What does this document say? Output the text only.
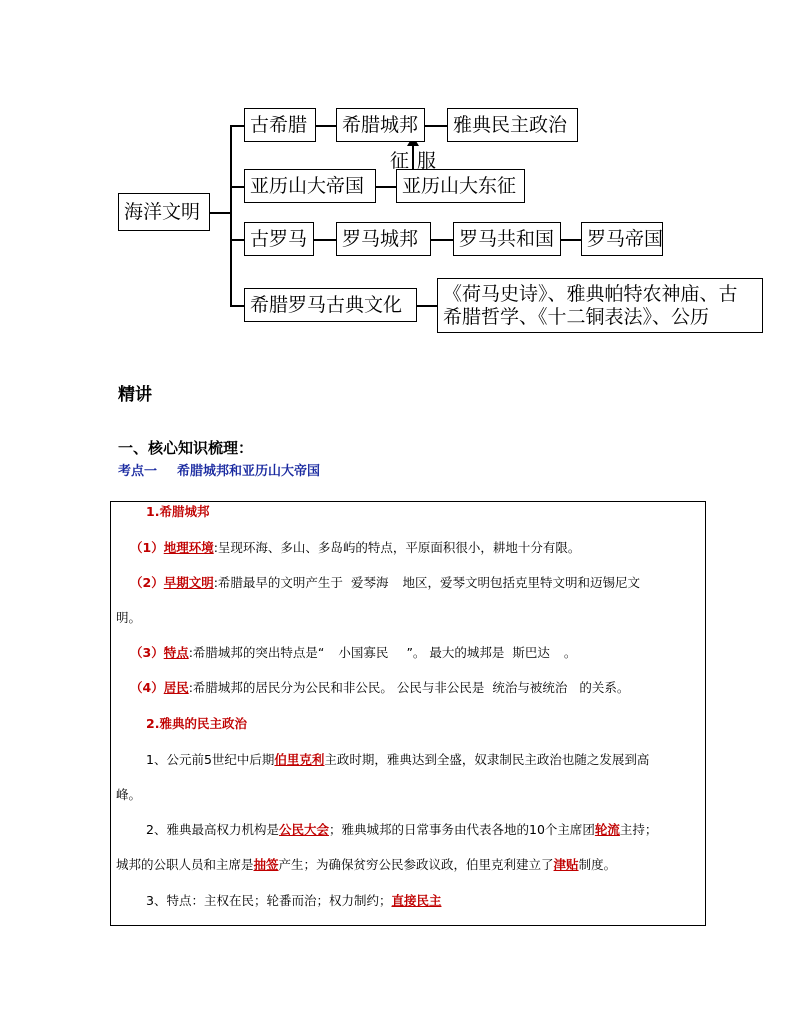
海洋文明
古希腊	希腊城邦	雅典民主政治
亚历山大帝国	亚历山大东征
古罗马	罗马城邦	罗马共和国	罗马帝国
希腊罗马古典文化	《荷马史诗》、雅典帕特农神庙、古
希腊哲学、《十二铜表法》、公历
征 服
精讲
一、核心知识梳理：
考点一 希腊城邦和亚历山大帝国
1.希腊城邦
（1）地理环境:呈现环海、多山、多岛屿的特点，平原面积很小，耕地十分有限。
（2）早期文明:希腊最早的文明产生于 爱琴海 地区，爱琴文明包括克里特文明和迈锡尼文
明。
（3）特点:希腊城邦的突出特点是“ 小国寡民 ”。 最大的城邦是 斯巴达 。
（4）居民:希腊城邦的居民分为公民和非公民。 公民与非公民是 统治与被统治 的关系。
2.雅典的民主政治
1、公元前5世纪中后期伯里克利主政时期，雅典达到全盛，奴隶制民主政治也随之发展到高
峰。
2、雅典最高权力机构是公民大会；雅典城邦的日常事务由代表各地的10个主席团轮流主持；
城邦的公职人员和主席是抽签产生；为确保贫穷公民参政议政，伯里克利建立了津贴制度。
3、特点：主权在民；轮番而治；权力制约；直接民主
